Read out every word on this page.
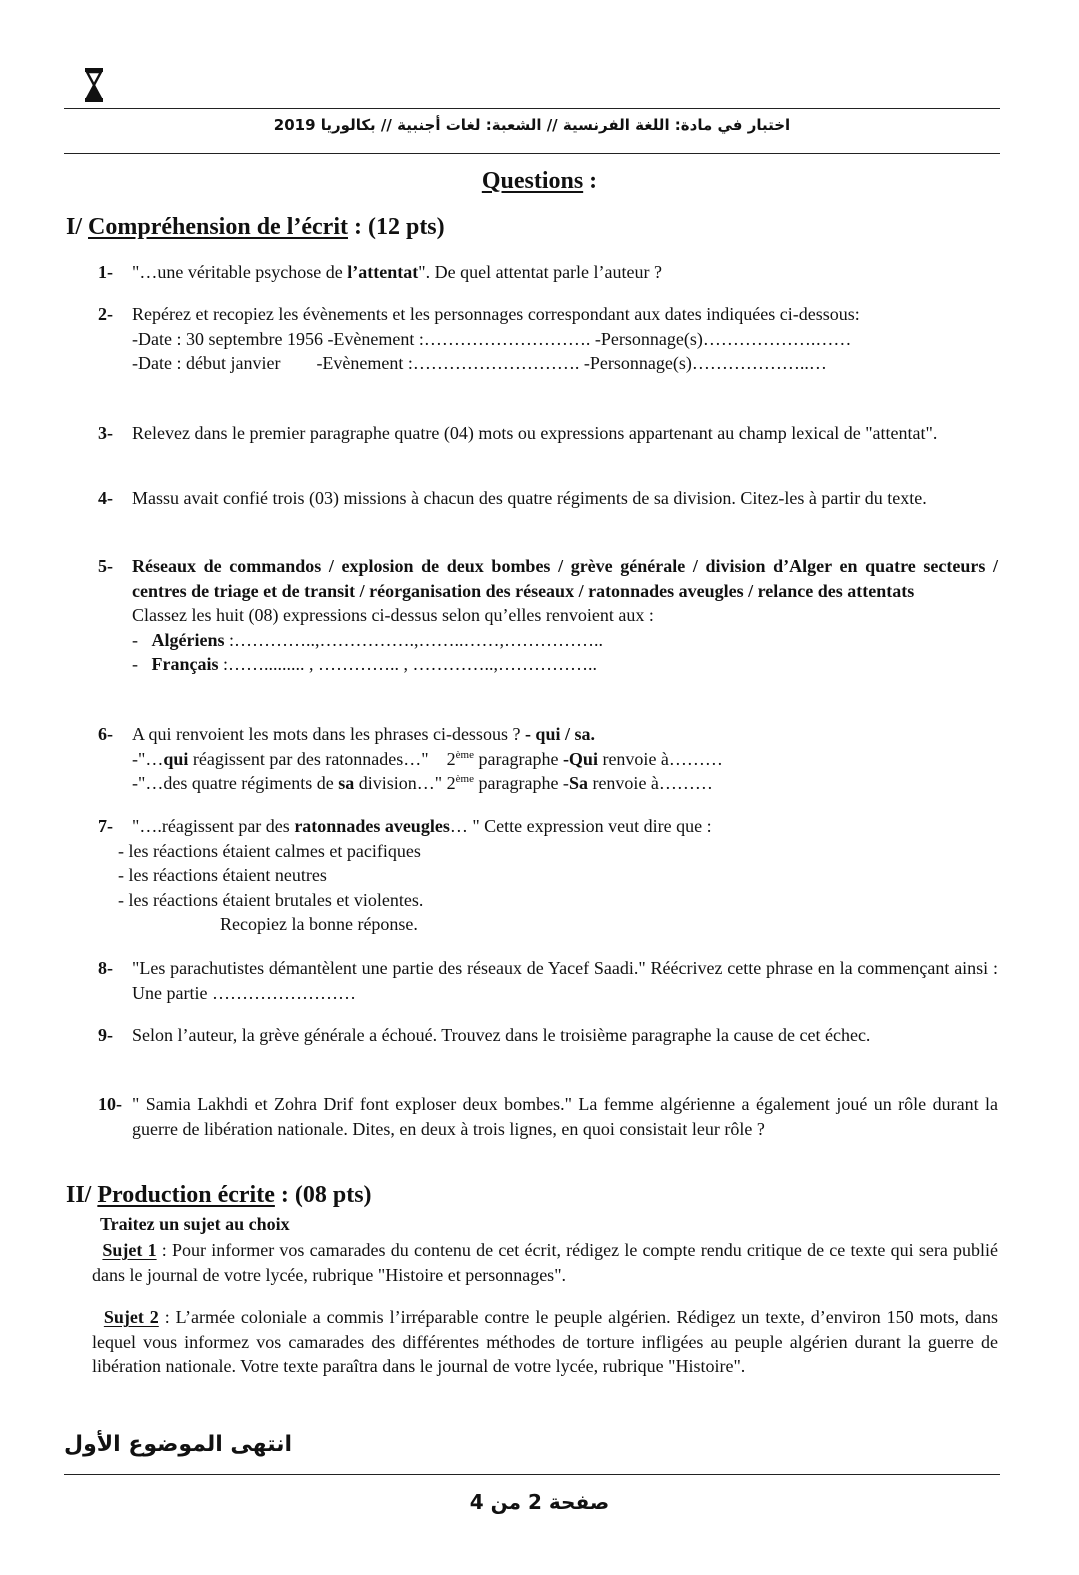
اختبار في مادة: اللغة الفرنسية // الشعبة: لغات أجنبية // بكالوريا 2019
Questions :
I/ Compréhension de l’écrit : (12 pts)
1- "…une véritable psychose de l’attentat". De quel attentat parle l’auteur ?
2- Repérez et recopiez les évènements et les personnages correspondant aux dates indiquées ci-dessous:

-Date : 30 septembre 1956 -Evènement :………………………. -Personnage(s)……………….……

-Date : début janvier        -Evènement :………………………. -Personnage(s)………………..…

3- Relevez dans le premier paragraphe quatre (04) mots ou expressions appartenant au champ lexical de "attentat".
4- Massu avait confié trois (03) missions à chacun des quatre régiments de sa division. Citez-les à partir du texte.
5- Réseaux de commandos / explosion de deux bombes / grève générale / division d’Alger en quatre secteurs / centres de triage et de transit / réorganisation des réseaux / ratonnades aveugles / relance des attentats

Classez les huit (08) expressions ci-dessus selon qu’elles renvoient aux :

- Algériens :…………..,…………….,……..……,……………..

- Français :……......... , ………….. , …………..,……………..

6- A qui renvoient les mots dans les phrases ci-dessous ? - qui / sa.

-"…qui réagissent par des ratonnades…"    2ème paragraphe -Qui renvoie à………

-"…des quatre régiments de sa division…" 2ème paragraphe -Sa renvoie à………

7- "….réagissent par des ratonnades aveugles… " Cette expression veut dire que :
- les réactions étaient calmes et pacifiques
- les réactions étaient neutres
- les réactions étaient brutales et violentes.
Recopiez la bonne réponse.
8- "Les parachutistes démantèlent une partie des réseaux de Yacef Saadi." Réécrivez cette phrase en la commençant ainsi : Une partie ……………………
9- Selon l’auteur, la grève générale a échoué. Trouvez dans le troisième paragraphe la cause de cet échec.
10- " Samia Lakhdi et Zohra Drif font exploser deux bombes." La femme algérienne a également joué un rôle durant la guerre de libération nationale. Dites, en deux à trois lignes, en quoi consistait leur rôle ?
II/ Production écrite : (08 pts)
Traitez un sujet au choix
Sujet 1 : Pour informer vos camarades du contenu de cet écrit, rédigez le compte rendu critique de ce texte qui sera publié dans le journal de votre lycée, rubrique "Histoire et personnages".
Sujet 2 : L’armée coloniale a commis l’irréparable contre le peuple algérien. Rédigez un texte, d’environ 150 mots, dans lequel vous informez vos camarades des différentes méthodes de torture infligées au peuple algérien durant la guerre de libération nationale. Votre texte paraîtra dans le journal de votre lycée, rubrique "Histoire".
انتهى الموضوع الأول
صفحة 2 من 4
